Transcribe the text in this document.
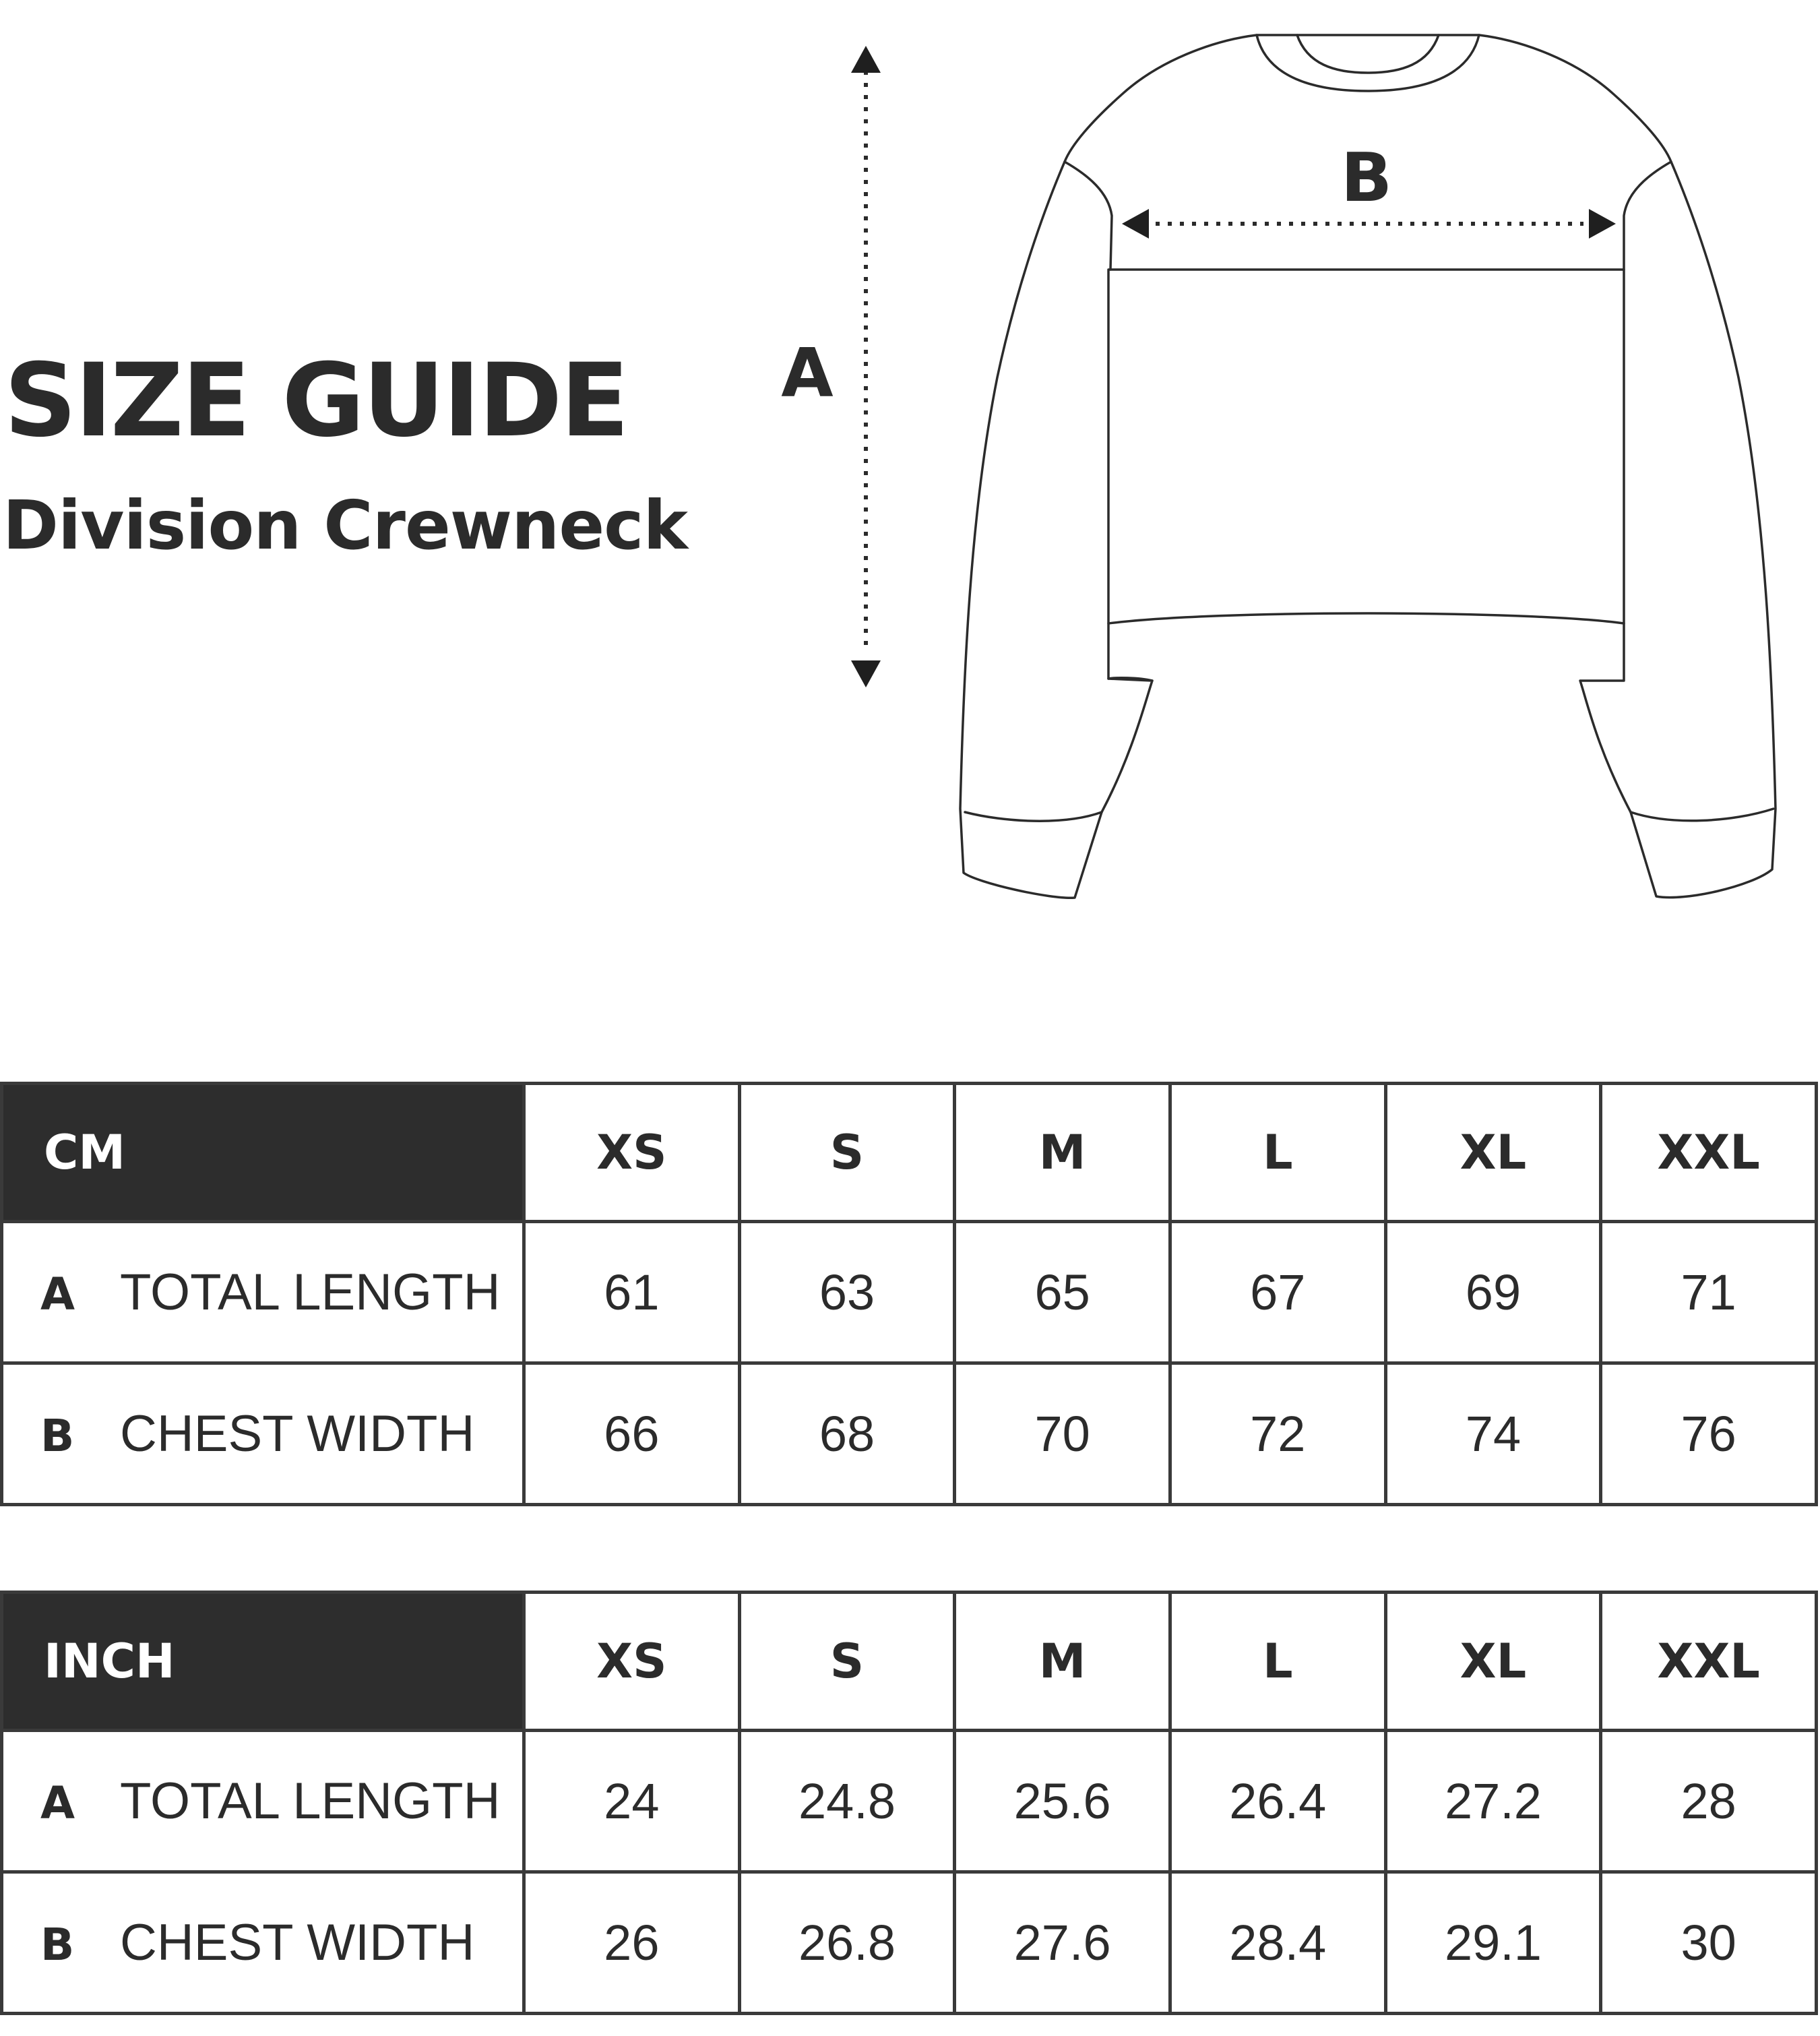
SIZE GUIDE
Division Crewneck
A
B
CM	XS	S	M	L	XL	XXL
A TOTAL LENGTH	61	63	65	67	69	71
B CHEST WIDTH	66	68	70	72	74	76
INCH	XS	S	M	L	XL	XXL
A TOTAL LENGTH	24	24.8	25.6	26.4	27.2	28
B CHEST WIDTH	26	26.8	27.6	28.4	29.1	30
